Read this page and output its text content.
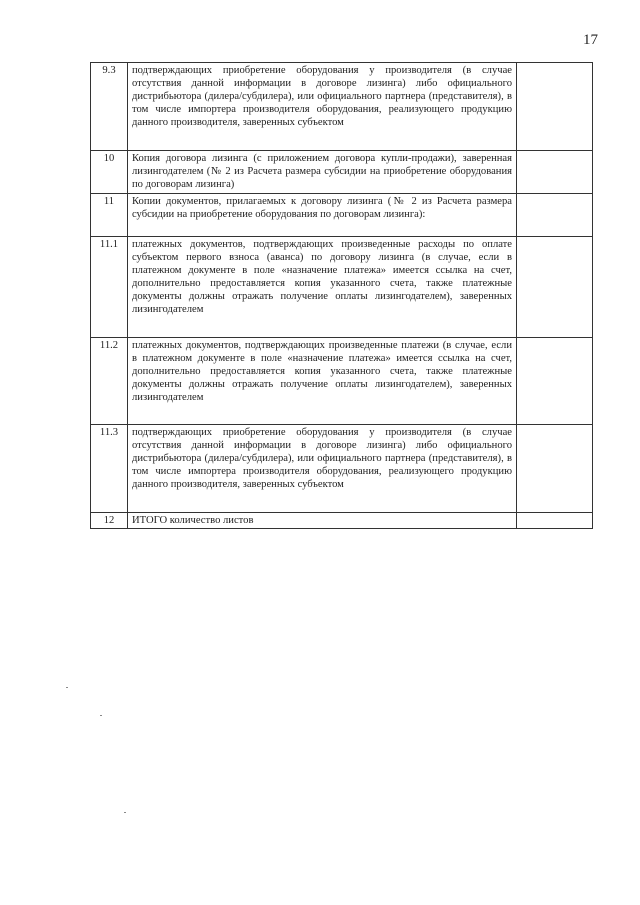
17
9.3	подтверждающих приобретение оборудования у производителя (в случае отсутствия данной информации в договоре лизинга) либо официального дистрибьютора (дилера/субдилера), или официального партнера (представителя), в том числе импортера производителя оборудования, реализующего продукцию данного производителя, заверенных субъектом	
10	Копия договора лизинга (с приложением договора купли-продажи), заверенная лизингодателем (№ 2 из Расчета размера субсидии на приобретение оборудования по договорам лизинга)	
11	Копии документов, прилагаемых к договору лизинга (№ 2 из Расчета размера субсидии на приобретение оборудования по договорам лизинга):	
11.1	платежных документов, подтверждающих произведенные расходы по оплате субъектом первого взноса (аванса) по договору лизинга (в случае, если в платежном документе в поле «назначение платежа» имеется ссылка на счет, дополнительно предоставляется копия указанного счета, также платежные документы должны отражать получение оплаты лизингодателем), заверенных лизингодателем	
11.2	платежных документов, подтверждающих произведенные платежи (в случае, если в платежном документе в поле «назначение платежа» имеется ссылка на счет, дополнительно предоставляется копия указанного счета, также платежные документы должны отражать получение оплаты лизингодателем), заверенных лизингодателем	
11.3	подтверждающих приобретение оборудования у производителя (в случае отсутствия данной информации в договоре лизинга) либо официального дистрибьютора (дилера/субдилера), или официального партнера (представителя), в том числе импортера производителя оборудования, реализующего продукцию данного производителя, заверенных субъектом	
12	ИТОГО количество листов	
